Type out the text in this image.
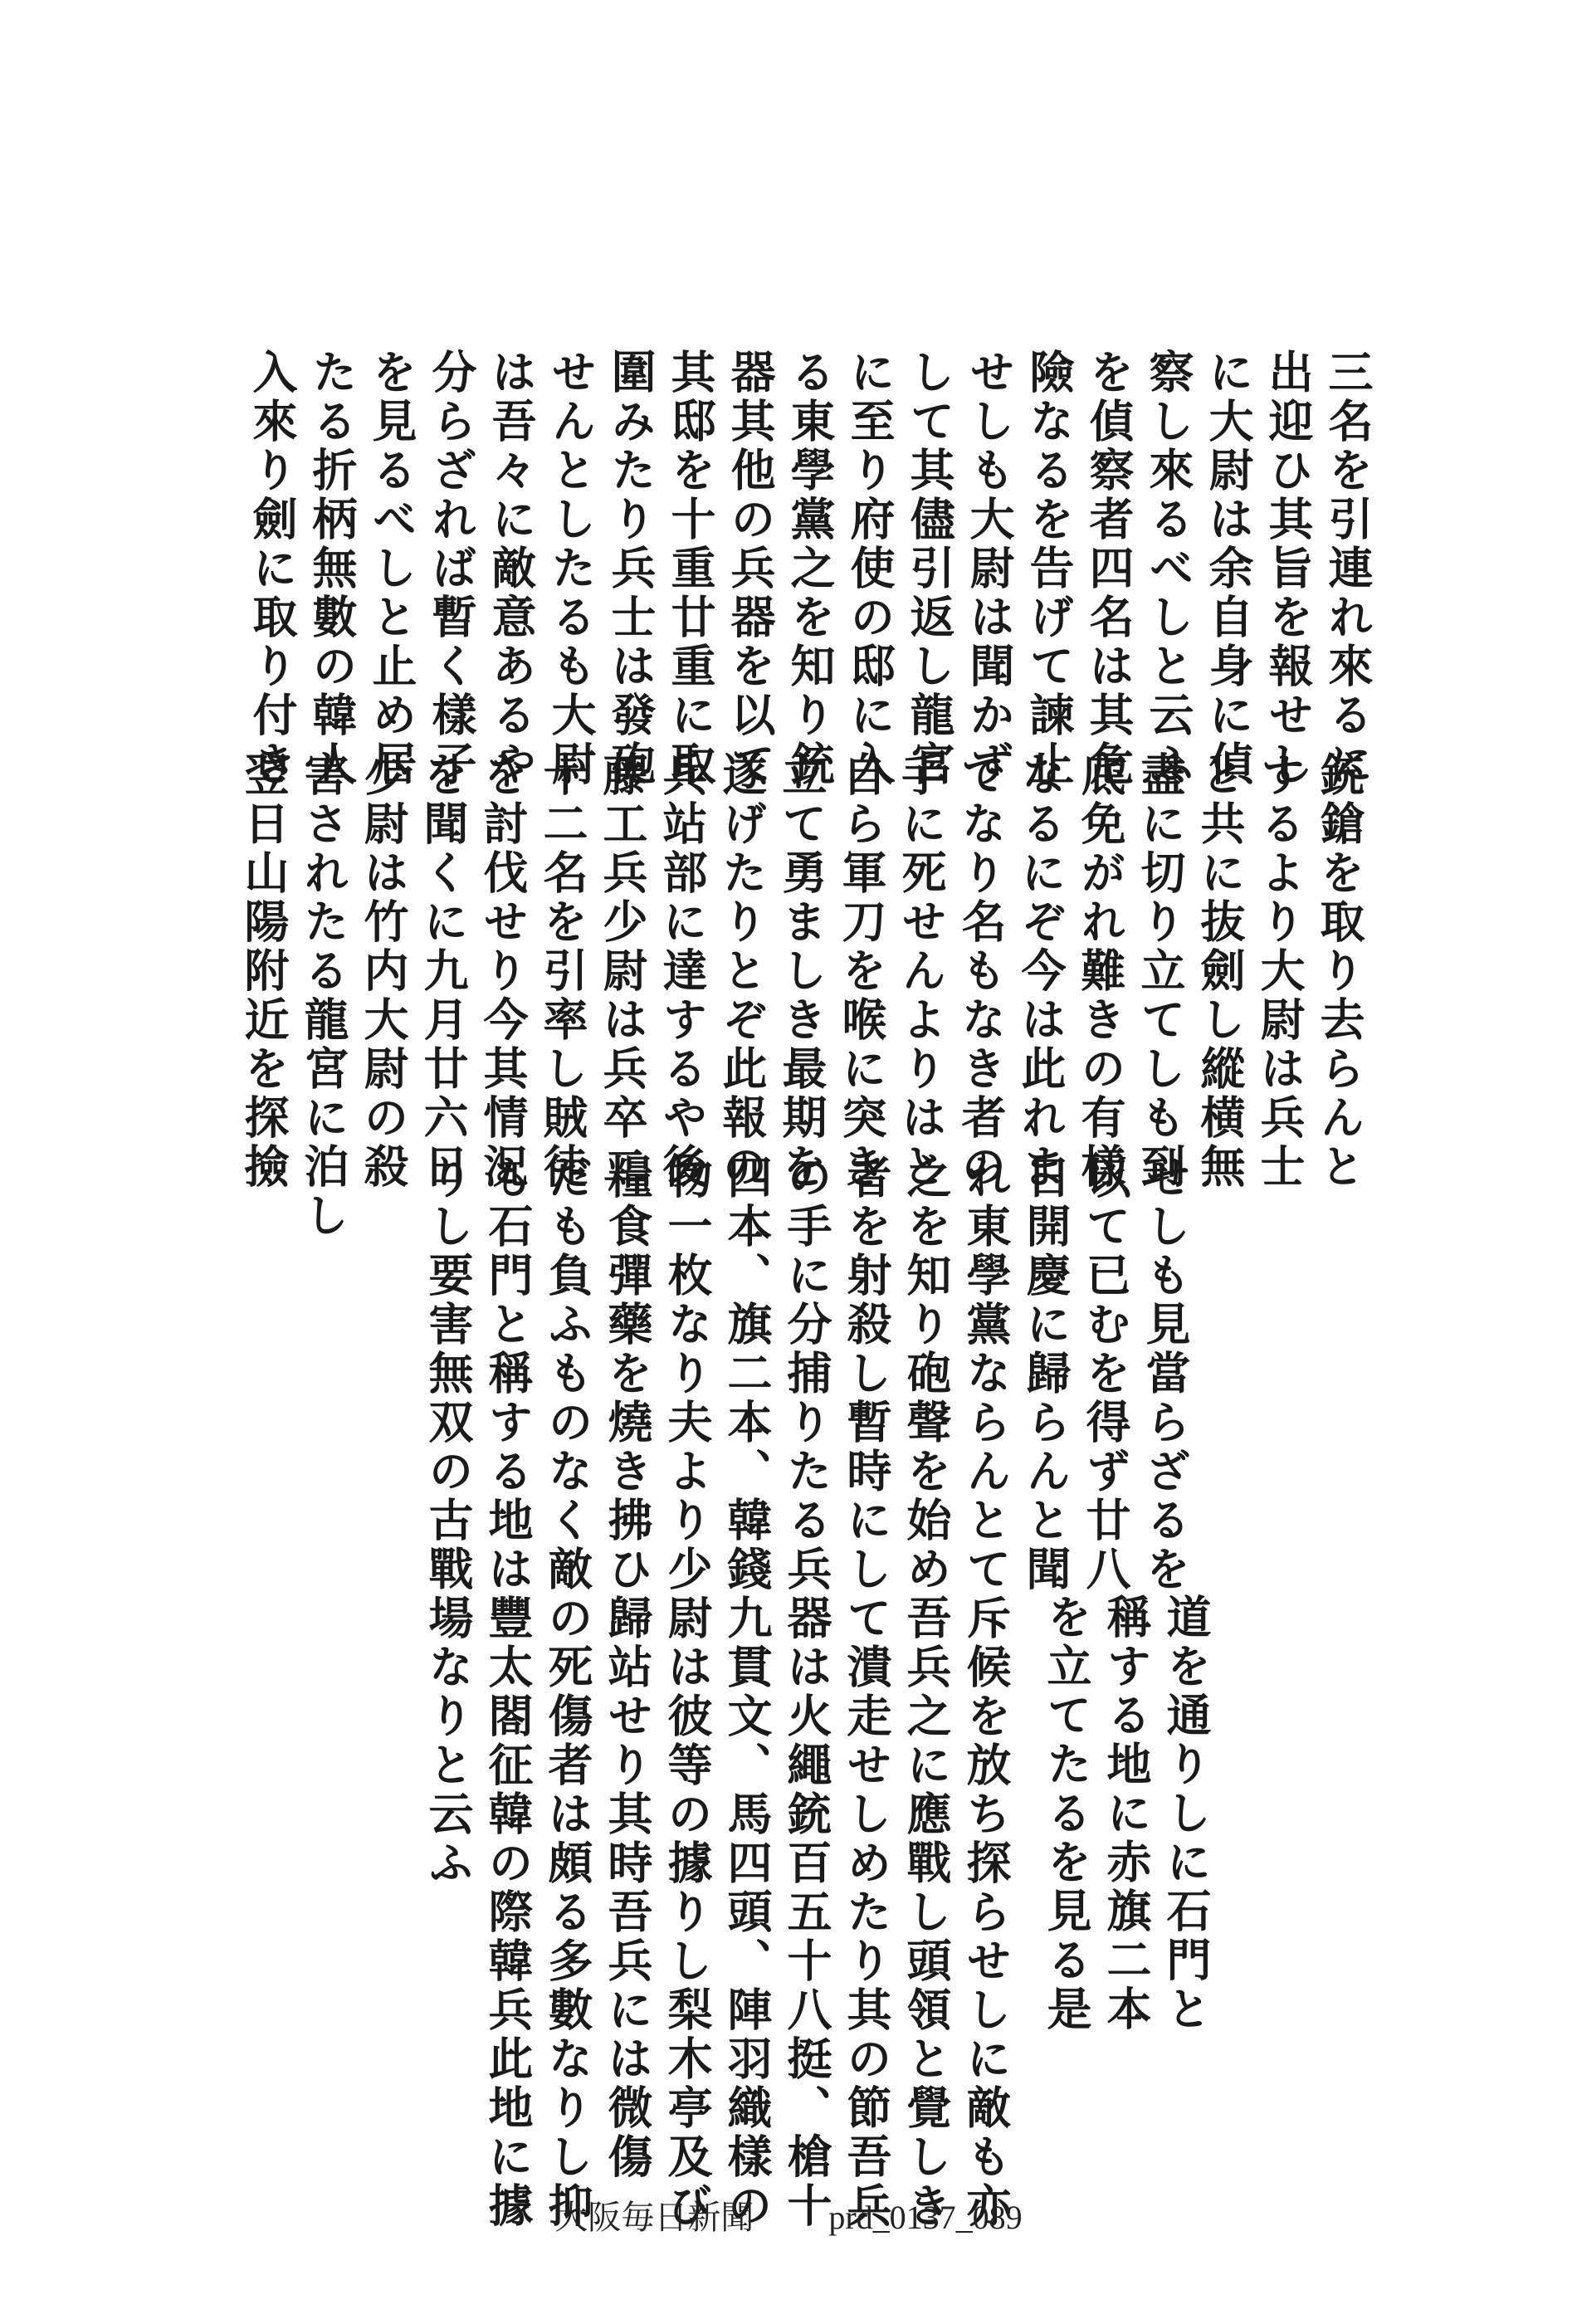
三名を引連れ來るに
出迎ひ其旨を報せし
に大尉は余自身に偵
察し來るべしと云ふ
を偵察者四名は其危
險なるを告げて諫止
せしも大尉は聞かず
して其儘引返し龍宮
に至り府使の邸に入
る東學黨之を知り銃
器其他の兵器を以て
其邸を十重廿重に取
圍みたり兵士は發砲
せんとしたるも大尉
は吾々に敵意あるや
分らざれば暫く樣子
を見るべしと止め居
たる折柄無數の韓人
入來り劍に取り付き
銃鎗を取り去らんと
するより大尉は兵士
と共に抜劍し縱横無
盡に切り立てしも到
底免がれ難きの有樣
なるにぞ今は此れま
でなり名もなき者の
手に死せんよりはと
自ら軍刀を喉に突き
立て勇ましき最期を
遂げたりとぞ此報の
兵站部に達するや後
藤工兵少尉は兵卒二
十二名を引率し賊徒
を討伐せり今其情況
を聞くに九月廿六日
少尉は竹内大尉の殺
害されたる龍宮に泊し
翌日山陽附近を探撿
せしも見當らざるを
以て已むを得ず廿八
日開慶に歸らんと聞
れ東學黨ならんとて斥候を放ち探らせしに敵も亦
之を知り砲聲を始め吾兵之に應戰し頭領と覺しき
者を射殺し暫時にして潰走せしめたり其の節吾兵
の手に分捕りたる兵器は火繩銃百五十八挺、槍十
四本、旗二本、韓錢九貫文、馬四頭、陣羽織樣の
物一枚なり夫より少尉は彼等の據りし梨木亭及び
糧食彈藥を燒き拂ひ歸站せり其時吾兵には微傷
だも負ふものなく敵の死傷者は頗る多數なりし抑
も石門と稱する地は豐太閤征韓の際韓兵此地に據
りし要害無双の古戰場なりと云ふ	道を通りしに石門と
稱する地に赤旗二本
を立てたるを見る是
大阪毎日新聞 prd_0137_089
